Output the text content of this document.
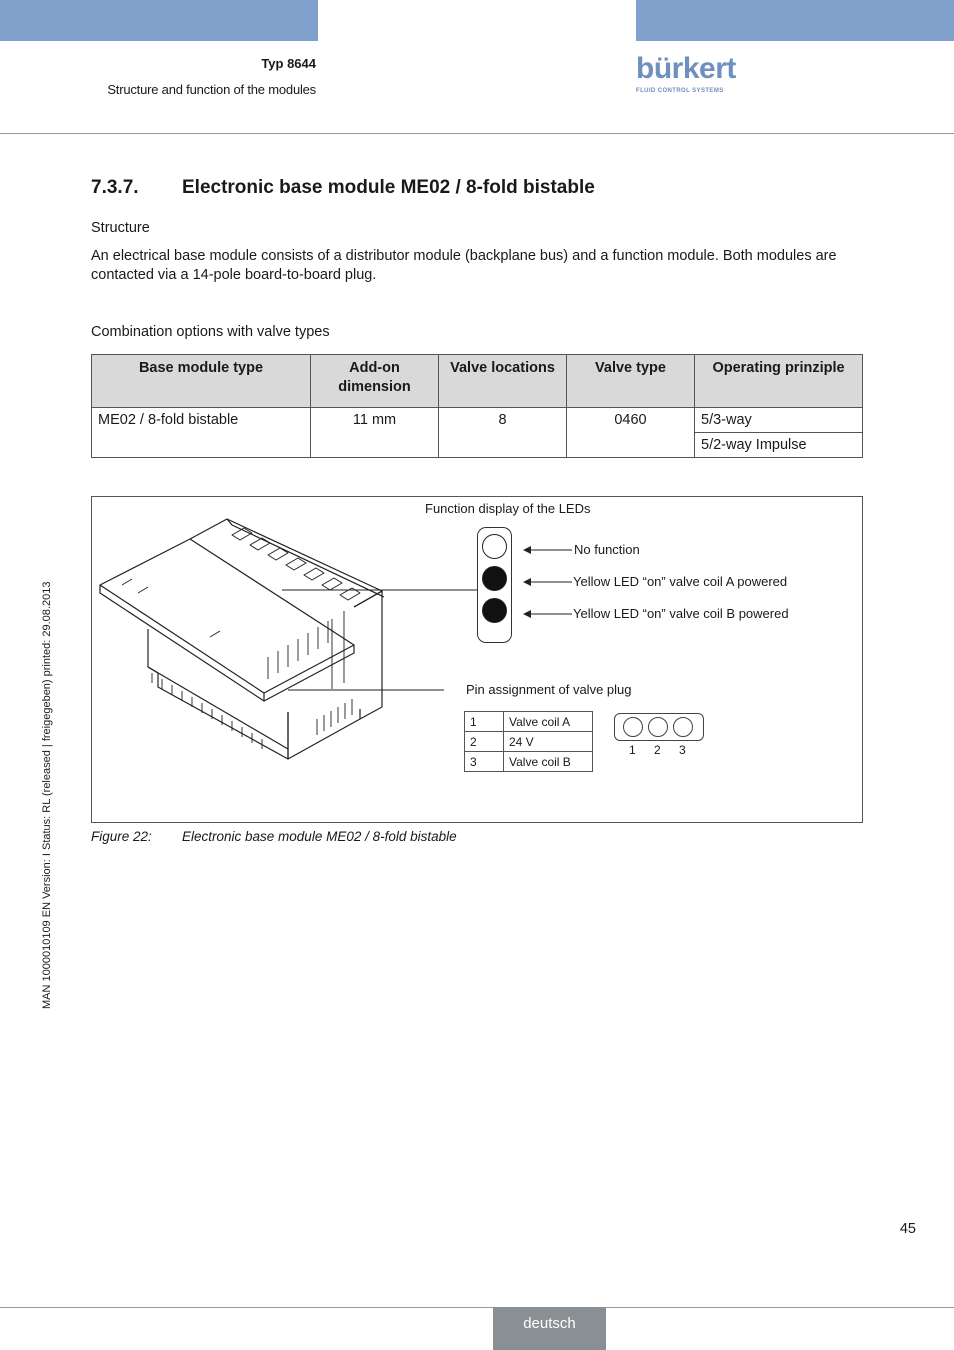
Typ 8644
Structure and function of the modules
bürkert
FLUID CONTROL SYSTEMS
7.3.7. Electronic base module ME02 / 8-fold bistable
Structure
An electrical base module consists of a distributor module (backplane bus) and a function module. Both modules are contacted via a 14-pole board-to-board plug.
Combination options with valve types
Base module type	Add-on dimension	Valve locations	Valve type	Operating prinziple
ME02 / 8-fold bistable	11 mm	8	0460	5/3-way
				5/2-way Impulse
Function display of the LEDs
No function
Yellow LED “on” valve coil A powered
Yellow LED “on” valve coil B powered
Pin assignment of valve plug
1	Valve coil A
2	24 V
3	Valve coil B
1 2 3
Figure 22: Electronic base module ME02 / 8-fold bistable
MAN 1000010109 EN Version: I Status: RL (released | freigegeben) printed: 29.08.2013
45
deutsch
